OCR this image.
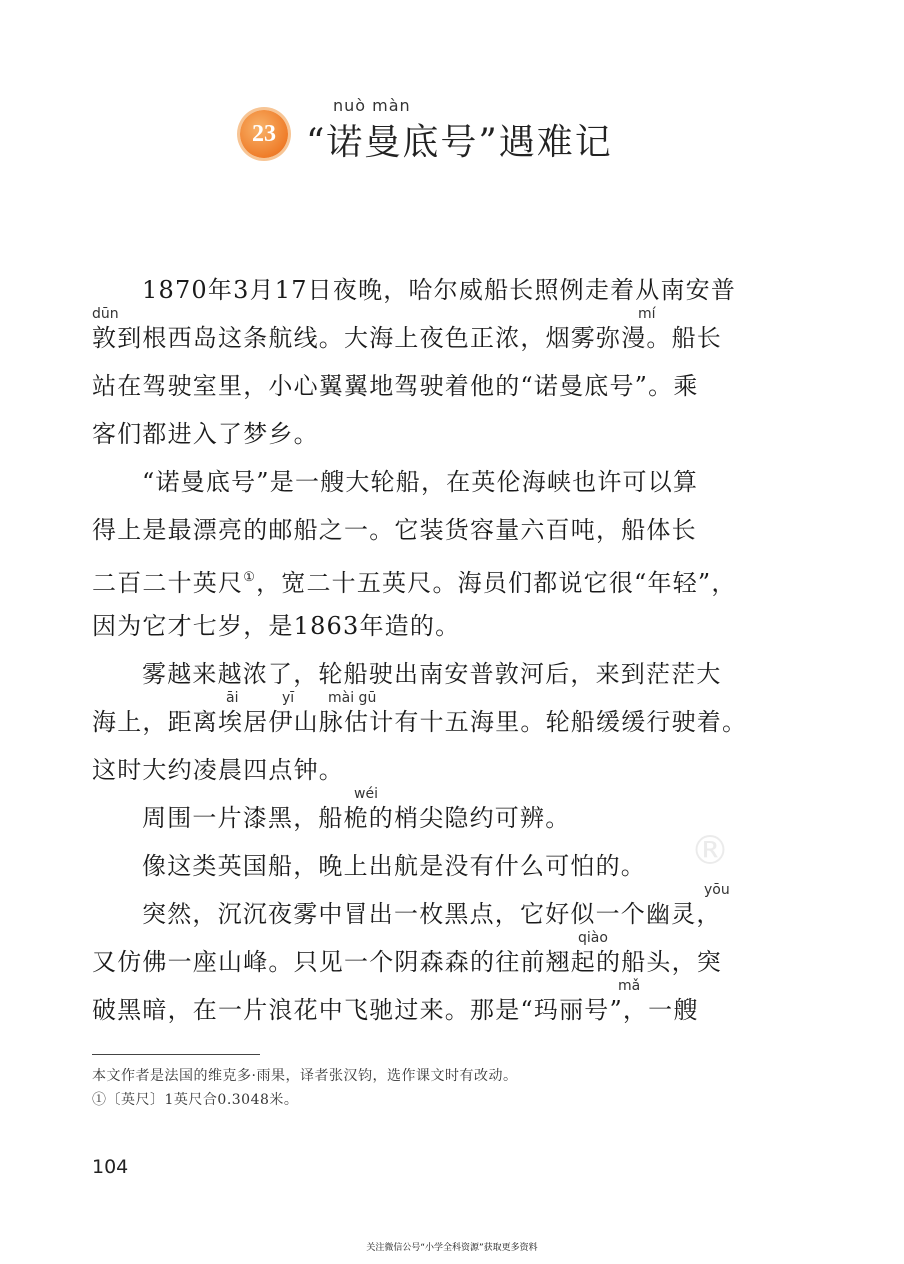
23
nuò màn
“诺曼底号”遇难记
1870年3月17日夜晚，哈尔威船长照例走着从南安普
dūn	mí
敦到根西岛这条航线。大海上夜色正浓，烟雾弥漫。船长
站在驾驶室里，小心翼翼地驾驶着他的“诺曼底号”。乘
客们都进入了梦乡。
“诺曼底号”是一艘大轮船，在英伦海峡也许可以算
得上是最漂亮的邮船之一。它装货容量六百吨，船体长
二百二十英尺①，宽二十五英尺。海员们都说它很“年轻”，
因为它才七岁，是1863年造的。
雾越来越浓了，轮船驶出南安普敦河后，来到茫茫大
āi	yī mài gū
海上，距离埃居伊山脉估计有十五海里。轮船缓缓行驶着。
这时大约凌晨四点钟。
wéi
周围一片漆黑，船桅的梢尖隐约可辨。
像这类英国船，晚上出航是没有什么可怕的。
yōu
突然，沉沉夜雾中冒出一枚黑点，它好似一个幽灵，
qiào
又仿佛一座山峰。只见一个阴森森的往前翘起的船头，突
mǎ
破黑暗，在一片浪花中飞驰过来。那是“玛丽号”，一艘
®
本文作者是法国的维克多·雨果，译者张汉钧，选作课文时有改动。
①〔英尺〕1英尺合0.3048米。
104
关注微信公号“小学全科资源”获取更多资料
